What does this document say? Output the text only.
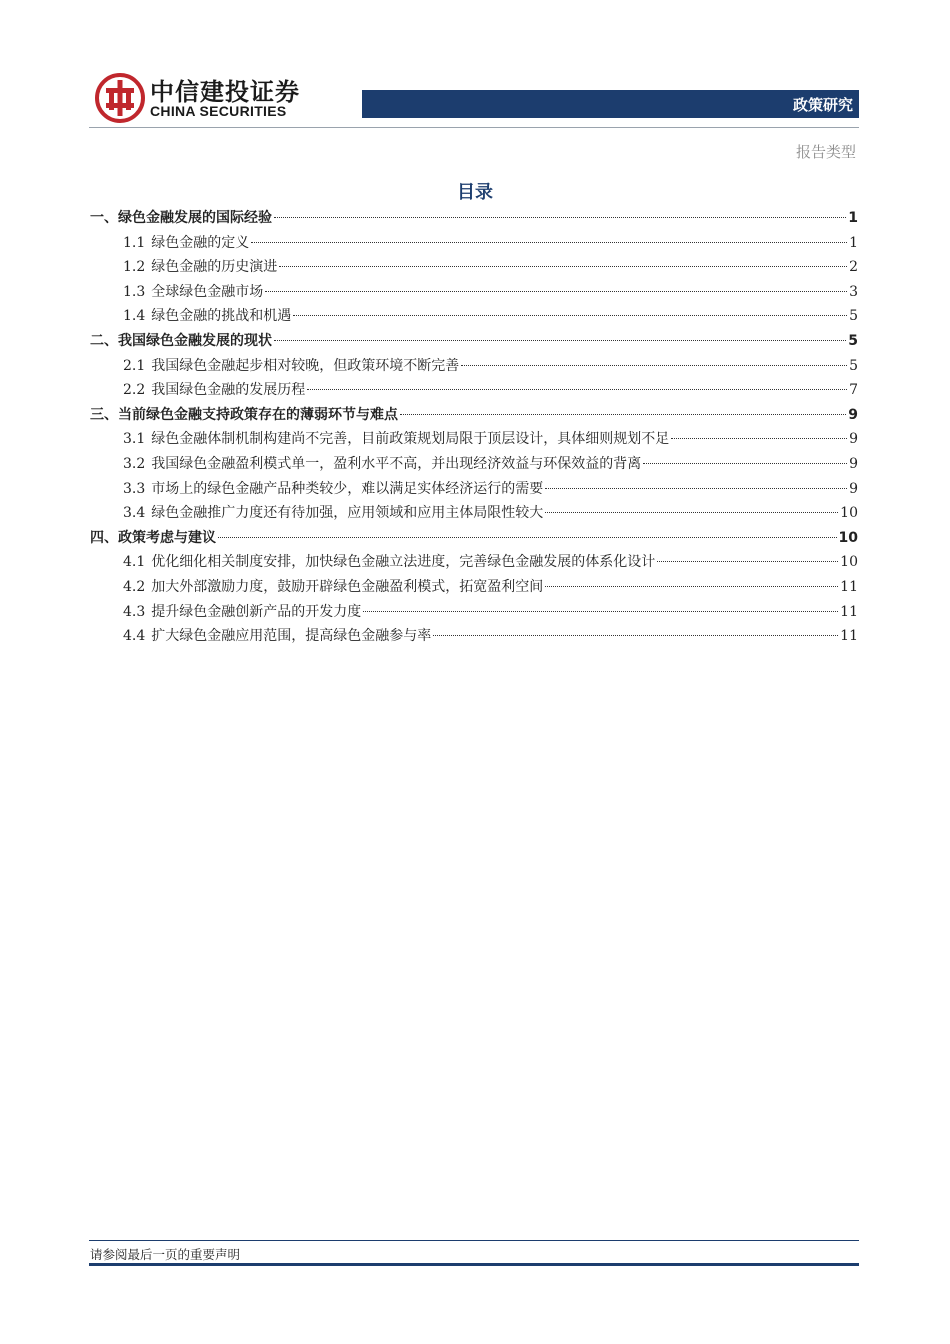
中信建投证券
CHINA SECURITIES	政策研究
报告类型
目录
一、绿色金融发展的国际经验	1
1.1 绿色金融的定义	1
1.2 绿色金融的历史演进	2
1.3 全球绿色金融市场	3
1.4 绿色金融的挑战和机遇	5
二、我国绿色金融发展的现状	5
2.1 我国绿色金融起步相对较晚，但政策环境不断完善	5
2.2 我国绿色金融的发展历程	7
三、当前绿色金融支持政策存在的薄弱环节与难点	9
3.1 绿色金融体制机制构建尚不完善，目前政策规划局限于顶层设计，具体细则规划不足	9
3.2 我国绿色金融盈利模式单一，盈利水平不高，并出现经济效益与环保效益的背离	9
3.3 市场上的绿色金融产品种类较少，难以满足实体经济运行的需要	9
3.4 绿色金融推广力度还有待加强，应用领域和应用主体局限性较大	10
四、政策考虑与建议	10
4.1 优化细化相关制度安排，加快绿色金融立法进度，完善绿色金融发展的体系化设计	10
4.2 加大外部激励力度，鼓励开辟绿色金融盈利模式，拓宽盈利空间	11
4.3 提升绿色金融创新产品的开发力度	11
4.4 扩大绿色金融应用范围，提高绿色金融参与率	11
请参阅最后一页的重要声明
